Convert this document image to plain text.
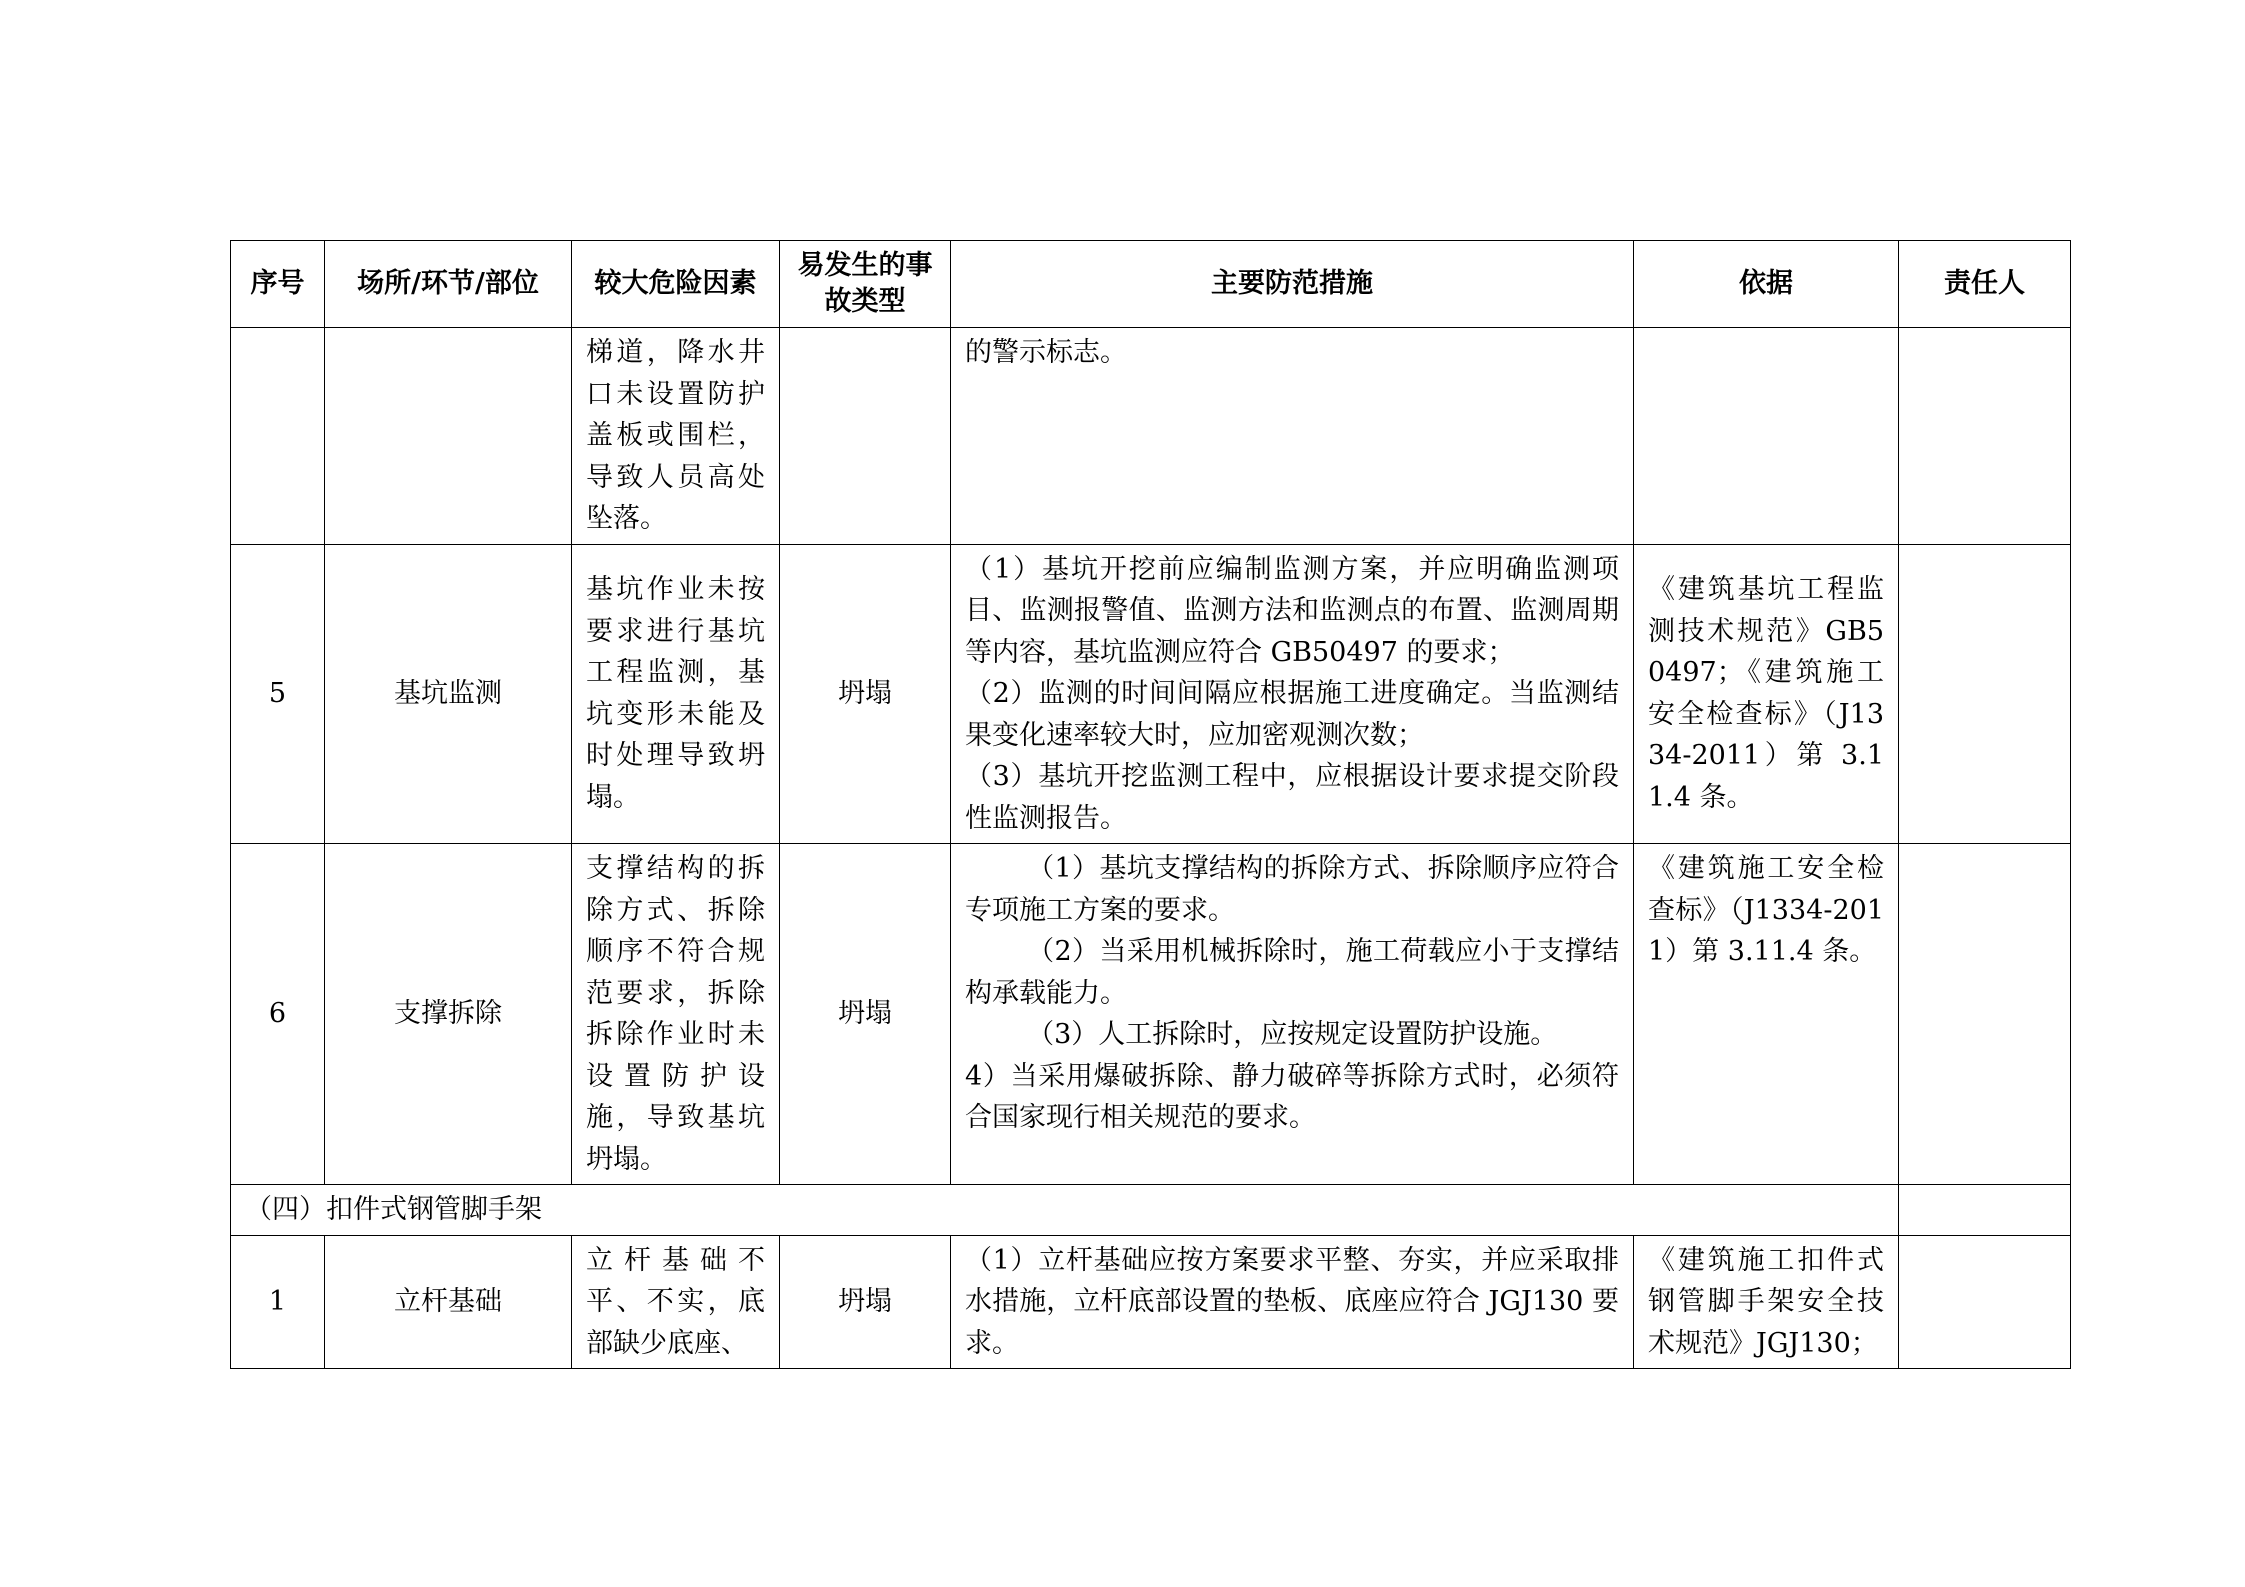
序号	场所/环节/部位	较大危险因素	易发生的事故类型	主要防范措施	依据	责任人
		梯道，降水井口未设置防护盖板或围栏，导致人员高处坠落。		的警示标志。		
5	基坑监测	基坑作业未按要求进行基坑工程监测，基坑变形未能及时处理导致坍塌。	坍塌	（1）基坑开挖前应编制监测方案，并应明确监测项目、监测报警值、监测方法和监测点的布置、监测周期等内容，基坑监测应符合 GB50497 的要求；
（2）监测的时间间隔应根据施工进度确定。当监测结果变化速率较大时，应加密观测次数；
（3）基坑开挖监测工程中，应根据设计要求提交阶段性监测报告。	《建筑基坑工程监测技术规范》GB50497；《建筑施工安全检查标》（J1334-2011）第 3.11.4 条。	
6	支撑拆除	支撑结构的拆除方式、拆除顺序不符合规范要求，拆除拆除作业时未设置防护设施，导致基坑坍塌。	坍塌	（1）基坑支撑结构的拆除方式、拆除顺序应符合专项施工方案的要求。
（2）当采用机械拆除时，施工荷载应小于支撑结构承载能力。
（3）人工拆除时，应按规定设置防护设施。
4）当采用爆破拆除、静力破碎等拆除方式时，必须符合国家现行相关规范的要求。	《建筑施工安全检查标》（J1334-2011）第 3.11.4 条。	
（四）扣件式钢管脚手架						
1	立杆基础	立杆基础不平、不实，底部缺少底座、	坍塌	（1）立杆基础应按方案要求平整、夯实，并应采取排水措施，立杆底部设置的垫板、底座应符合 JGJ130 要求。	《建筑施工扣件式钢管脚手架安全技术规范》JGJ130；	
